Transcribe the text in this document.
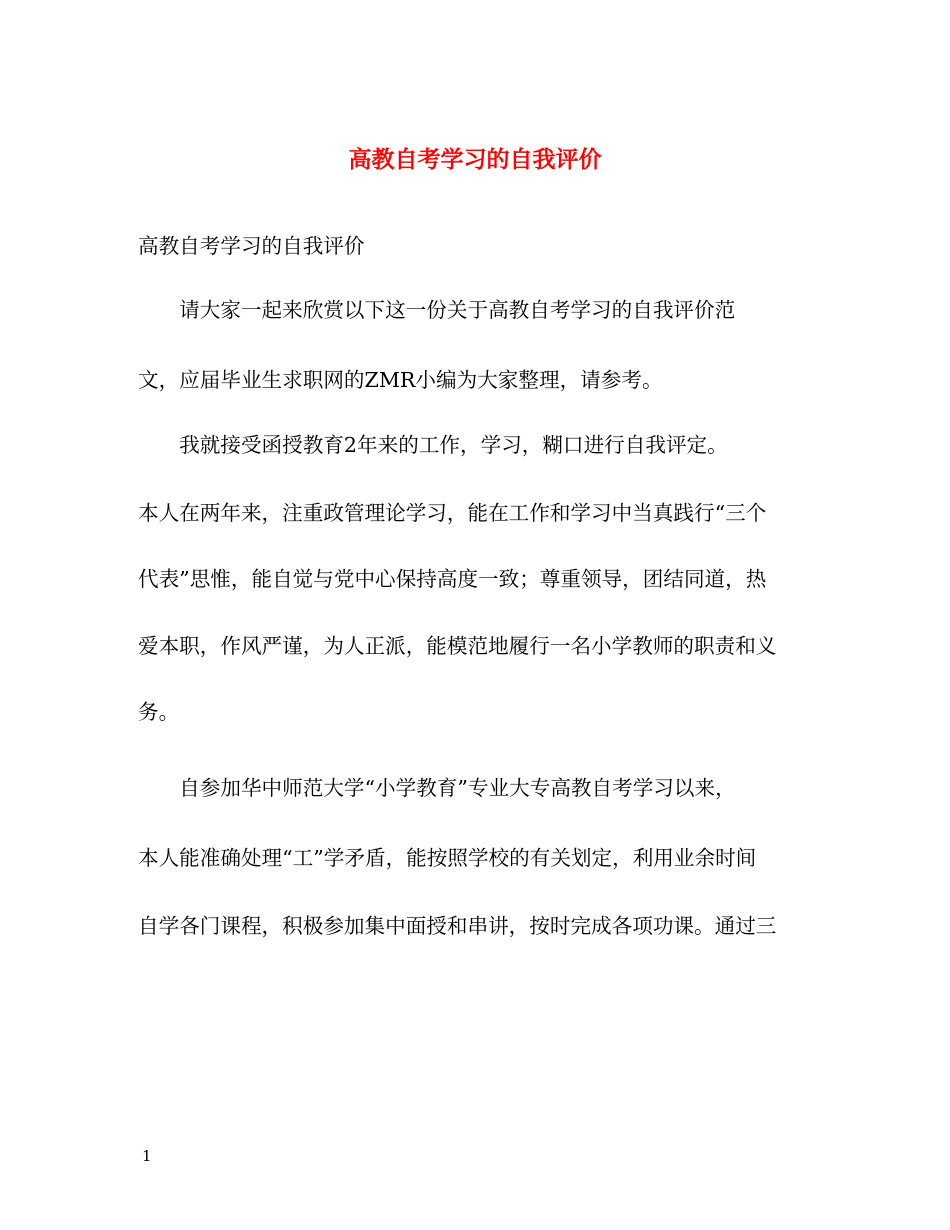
高教自考学习的自我评价

高教自考学习的自我评价

　　请大家一起来欣赏以下这一份关于高教自考学习的自我评价范

文，应届毕业生求职网的ZMR小编为大家整理，请参考。

　　我就接受函授教育2年来的工作，学习，糊口进行自我评定。

本人在两年来，注重政管理论学习，能在工作和学习中当真践行“三个

代表”思惟，能自觉与党中心保持高度一致；尊重领导，团结同道，热

爱本职，作风严谨，为人正派，能模范地履行一名小学教师的职责和义

务。

　　自参加华中师范大学“小学教育”专业大专高教自考学习以来，

本人能准确处理“工”学矛盾，能按照学校的有关划定，利用业余时间

自学各门课程，积极参加集中面授和串讲，按时完成各项功课。通过三

1
